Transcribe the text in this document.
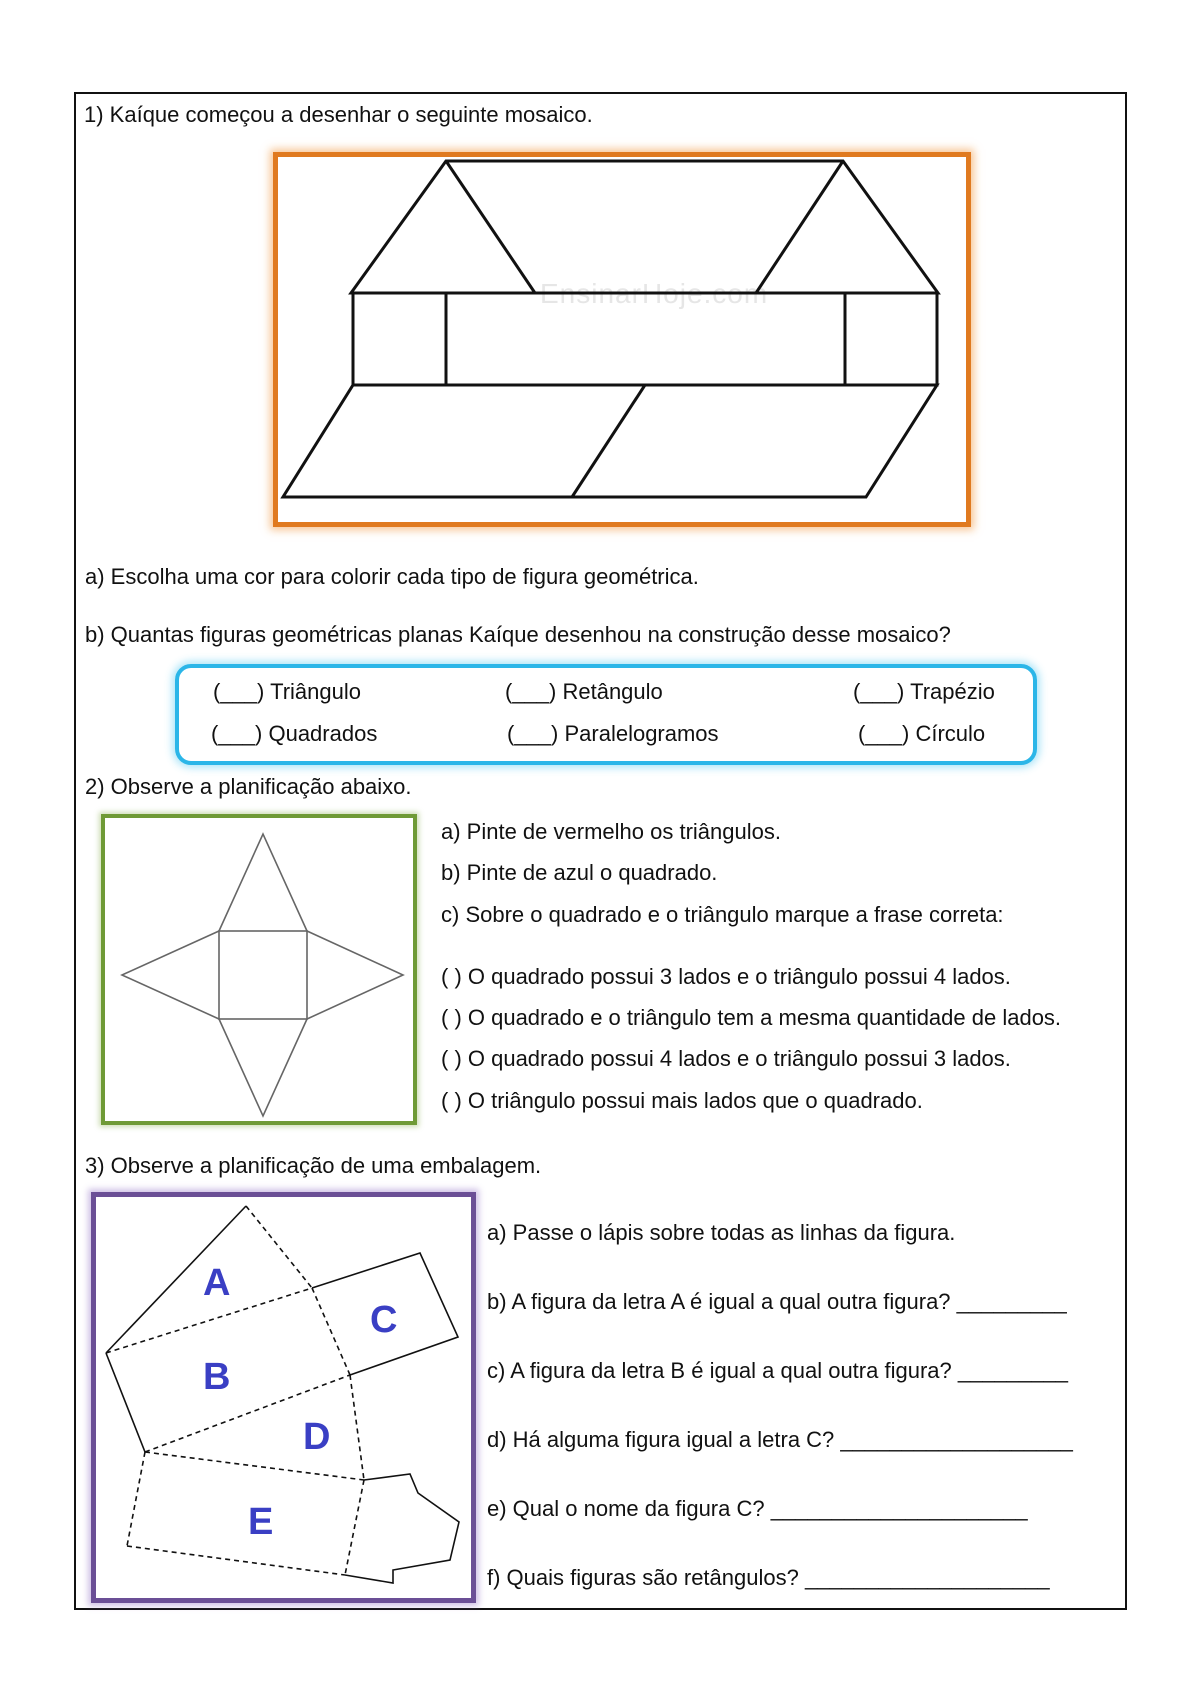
1) Kaíque começou a desenhar o seguinte mosaico.
EnsinarHoje.com
a) Escolha uma cor para colorir cada tipo de figura geométrica.
b) Quantas figuras geométricas planas Kaíque desenhou na construção desse mosaico?
(___) Triângulo	(___) Retângulo	(___) Trapézio
(___) Quadrados	(___) Paralelogramos	(___) Círculo
2) Observe a planificação abaixo.
a) Pinte de vermelho os triângulos.
b) Pinte de azul o quadrado.
c) Sobre o quadrado e o triângulo marque a frase correta:
( ) O quadrado possui 3 lados e o triângulo possui 4 lados.
( ) O quadrado e o triângulo tem a mesma quantidade de lados.
( ) O quadrado possui 4 lados e o triângulo possui 3 lados.
( ) O triângulo possui mais lados que o quadrado.
3) Observe a planificação de uma embalagem.
A
C
B
D
E
a) Passe o lápis sobre todas as linhas da figura.
b) A figura da letra A é igual a qual outra figura? _________
c) A figura da letra B é igual a qual outra figura? _________
d) Há alguma figura igual a letra C? ___________________
e) Qual o nome da figura C? _____________________
f) Quais figuras são retângulos? ____________________
